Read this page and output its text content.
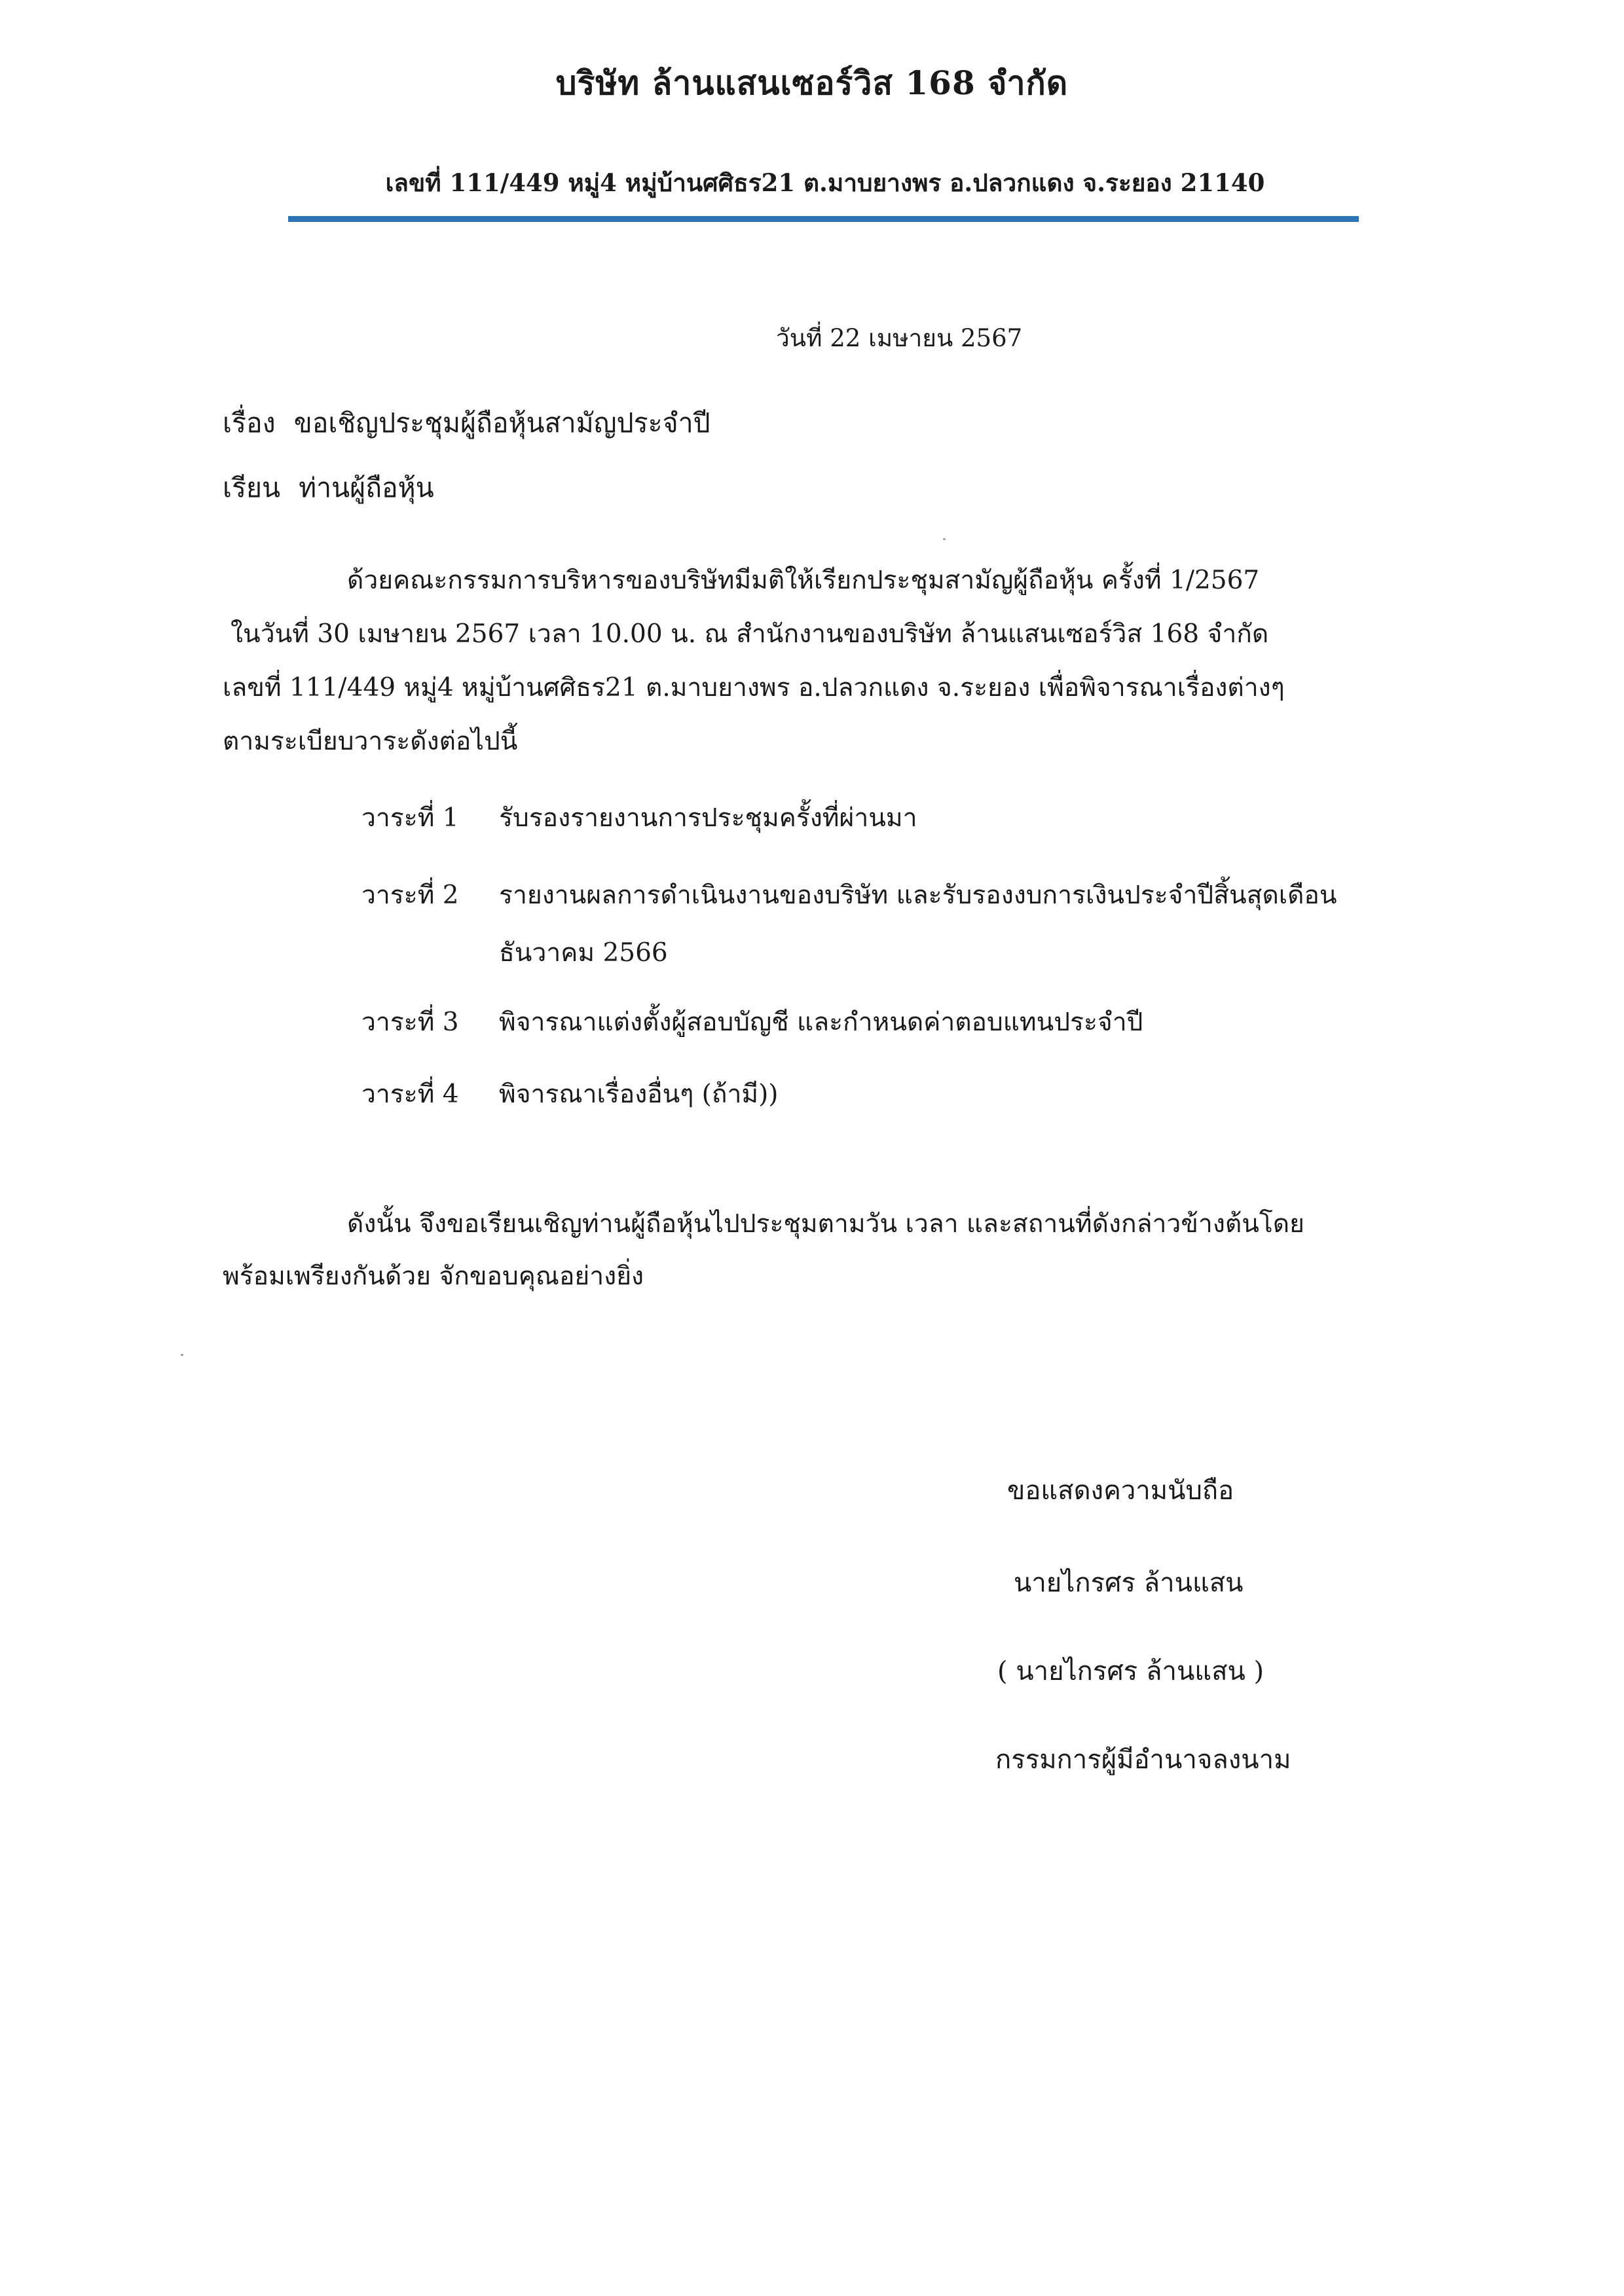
บริษัท ล้านแสนเซอร์วิส 168 จำกัด
เลขที่ 111/449 หมู่4 หมู่บ้านศศิธร21 ต.มาบยางพร อ.ปลวกแดง จ.ระยอง 21140
วันที่ 22 เมษายน 2567
เรื่อง ขอเชิญประชุมผู้ถือหุ้นสามัญประจำปี
เรียน ท่านผู้ถือหุ้น
ด้วยคณะกรรมการบริหารของบริษัทมีมติให้เรียกประชุมสามัญผู้ถือหุ้น ครั้งที่ 1/2567
ในวันที่ 30 เมษายน 2567 เวลา 10.00 น. ณ สำนักงานของบริษัท ล้านแสนเซอร์วิส 168 จำกัด
เลขที่ 111/449 หมู่4 หมู่บ้านศศิธร21 ต.มาบยางพร อ.ปลวกแดง จ.ระยอง เพื่อพิจารณาเรื่องต่างๆ
ตามระเบียบวาระดังต่อไปนี้
วาระที่ 1 รับรองรายงานการประชุมครั้งที่ผ่านมา
วาระที่ 2 รายงานผลการดำเนินงานของบริษัท และรับรองงบการเงินประจำปีสิ้นสุดเดือน
ธันวาคม 2566
วาระที่ 3 พิจารณาแต่งตั้งผู้สอบบัญชี และกำหนดค่าตอบแทนประจำปี
วาระที่ 4 พิจารณาเรื่องอื่นๆ (ถ้ามี))
ดังนั้น จึงขอเรียนเชิญท่านผู้ถือหุ้นไปประชุมตามวัน เวลา และสถานที่ดังกล่าวข้างต้นโดย
พร้อมเพรียงกันด้วย จักขอบคุณอย่างยิ่ง
ขอแสดงความนับถือ
นายไกรศร ล้านแสน
( นายไกรศร ล้านแสน )
กรรมการผู้มีอำนาจลงนาม
